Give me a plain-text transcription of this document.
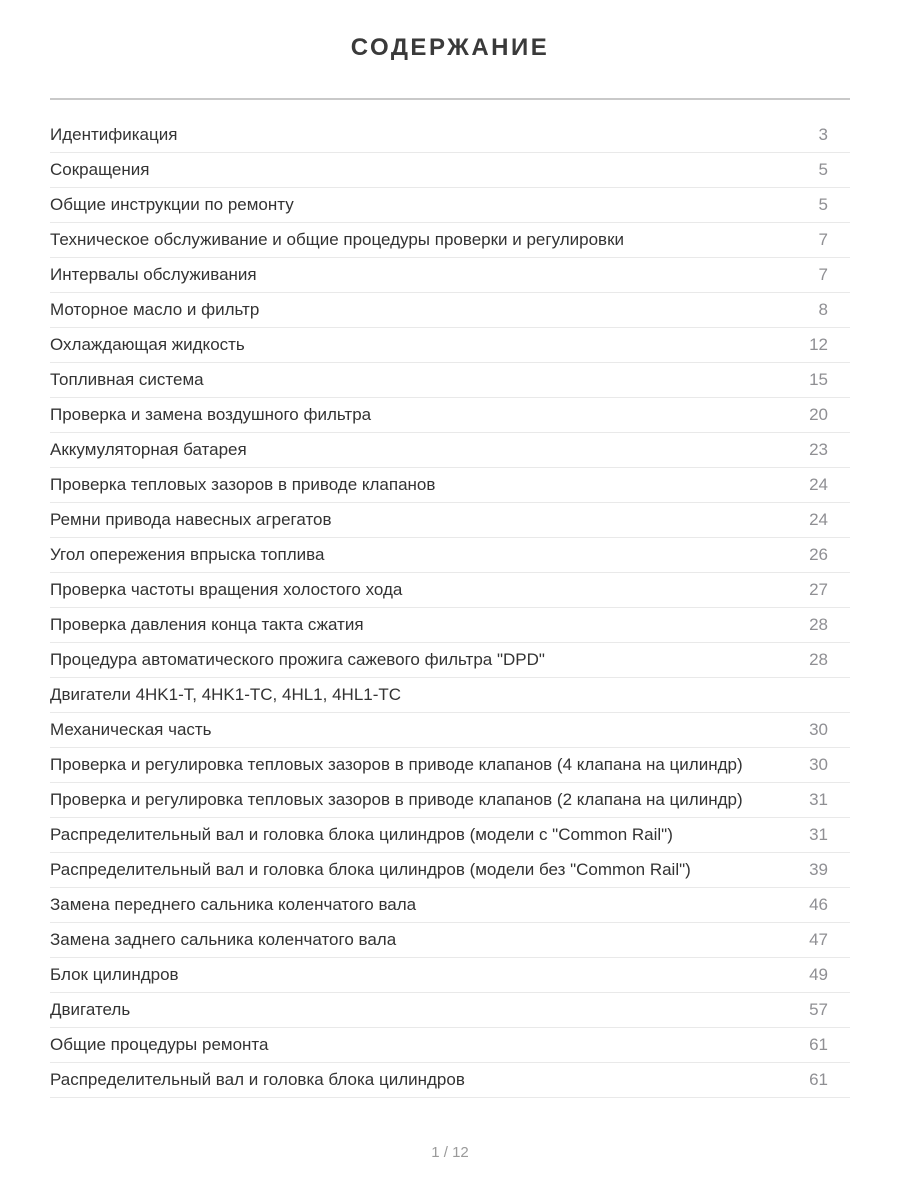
СОДЕРЖАНИЕ
Идентификация	3
Сокращения	5
Общие инструкции по ремонту	5
Техническое обслуживание и общие процедуры проверки и регулировки	7
Интервалы обслуживания	7
Моторное масло и фильтр	8
Охлаждающая жидкость	12
Топливная система	15
Проверка и замена воздушного фильтра	20
Аккумуляторная батарея	23
Проверка тепловых зазоров в приводе клапанов	24
Ремни привода навесных агрегатов	24
Угол опережения впрыска топлива	26
Проверка частоты вращения холостого хода	27
Проверка давления конца такта сжатия	28
Процедура автоматического прожига сажевого фильтра "DPD"	28
Двигатели 4HK1-T, 4HK1-TC, 4HL1, 4HL1-TC
Механическая часть	30
Проверка и регулировка тепловых зазоров в приводе клапанов (4 клапана на цилиндр)	30
Проверка и регулировка тепловых зазоров в приводе клапанов (2 клапана на цилиндр)	31
Распределительный вал и головка блока цилиндров (модели с "Common Rail")	31
Распределительный вал и головка блока цилиндров (модели без "Common Rail")	39
Замена переднего сальника коленчатого вала	46
Замена заднего сальника коленчатого вала	47
Блок цилиндров	49
Двигатель	57
Общие процедуры ремонта	61
Распределительный вал и головка блока цилиндров	61
1 / 12
